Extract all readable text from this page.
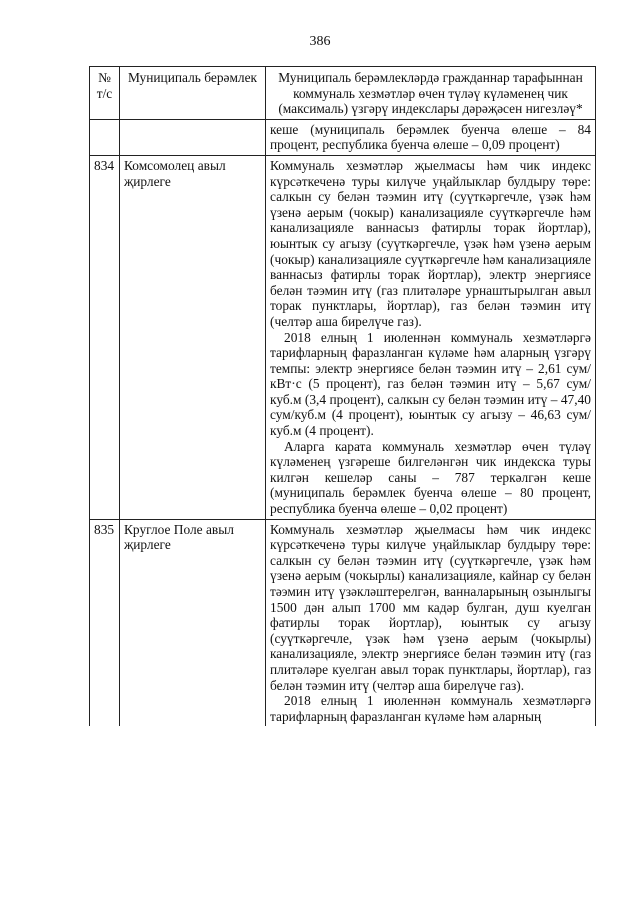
386
№ т/с	Муниципаль берәмлек	Муниципаль берәмлекләрдә гражданнар тарафыннан коммуналь хезмәтләр өчен түләү күләменең чик (максималь) үзгәрү индекслары дәрәҗәсен нигезләү*

		кеше (муниципаль берәмлек буенча өлеше – 84 процент, республика буенча өлеше – 0,09 процент)

834	Комсомолец авыл җирлеге	Коммуналь хезмәтләр җыелмасы һәм чик индекс күрсәткеченә туры килүче уңайлыклар булдыру төре: салкын су белән тәэмин итү (суүткәргечле, үзәк һәм үзенә аерым (чокыр) канализацияле суүткәргечле һәм канализацияле ваннасыз фатирлы торак йортлар), юынтык су агызу (суүткәргечле, үзәк һәм үзенә аерым (чокыр) канализацияле суүткәргечле һәм канализацияле ваннасыз фатирлы торак йортлар), электр энергиясе белән тәэмин итү (газ плитәләре урнаштырылган авыл торак пунктлары, йортлар), газ белән тәэмин итү (челтәр аша бирелүче газ).

2018 елның 1 июленнән коммуналь хезмәтләргә тарифларның фаразланган күләме һәм аларның үзгәрү темпы: электр энергиясе белән тәэмин итү – 2,61 сум/кВт·с (5 процент), газ белән тәэмин итү – 5,67 сум/куб.м (3,4 процент), салкын су белән тәэмин итү – 47,40 сум/куб.м (4 процент), юынтык су агызу – 46,63 сум/куб.м (4 процент).

Аларга карата коммуналь хезмәтләр өчен түләү күләменең үзгәреше билгеләнгән чик индекска туры килгән кешеләр саны – 787 теркәлгән кеше (муниципаль берәмлек буенча өлеше – 80 процент, республика буенча өлеше – 0,02 процент)

835	Круглое Поле авыл җирлеге	Коммуналь хезмәтләр җыелмасы һәм чик индекс күрсәткеченә туры килүче уңайлыклар булдыру төре: салкын су белән тәэмин итү (суүткәргечле, үзәк һәм үзенә аерым (чокырлы) канализацияле, кайнар су белән тәэмин итү үзәкләштерелгән, ванналарының озынлыгы 1500 дән алып 1700 мм кадәр булган, душ куелган фатирлы торак йортлар), юынтык су агызу (суүткәргечле, үзәк һәм үзенә аерым (чокырлы) канализацияле, электр энергиясе белән тәэмин итү (газ плитәләре куелган авыл торак пунктлары, йортлар), газ белән тәэмин итү (челтәр аша бирелүче газ).

2018 елның 1 июленнән коммуналь хезмәтләргә тарифларның фаразланган күләме һәм аларның
